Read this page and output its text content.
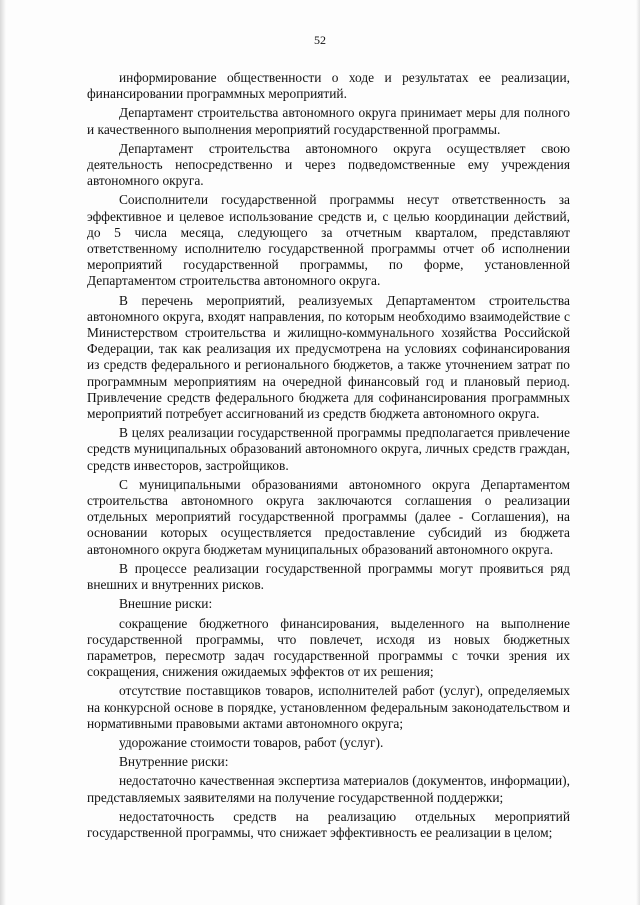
52

информирование общественности о ходе и результатах ее реализации, финансировании программных мероприятий.

Департамент строительства автономного округа принимает меры для полного и качественного выполнения мероприятий государственной программы.

Департамент строительства автономного округа осуществляет свою деятельность непосредственно и через подведомственные ему учреждения автономного округа.

Соисполнители государственной программы несут ответственность за эффективное и целевое использование средств и, с целью координации действий, до 5 числа месяца, следующего за отчетным кварталом, представляют ответственному исполнителю государственной программы отчет об исполнении мероприятий государственной программы, по форме, установленной Департаментом строительства автономного округа.

В перечень мероприятий, реализуемых Департаментом строительства автономного округа, входят направления, по которым необходимо взаимодействие с Министерством строительства и жилищно-коммунального хозяйства Российской Федерации, так как реализация их предусмотрена на условиях софинансирования из средств федерального и регионального бюджетов, а также уточнением затрат по программным мероприятиям на очередной финансовый год и плановый период. Привлечение средств федерального бюджета для софинансирования программных мероприятий потребует ассигнований из средств бюджета автономного округа.

В целях реализации государственной программы предполагается привлечение средств муниципальных образований автономного округа, личных средств граждан, средств инвесторов, застройщиков.

С муниципальными образованиями автономного округа Департаментом строительства автономного округа заключаются соглашения о реализации отдельных мероприятий государственной программы (далее - Соглашения), на основании которых осуществляется предоставление субсидий из бюджета автономного округа бюджетам муниципальных образований автономного округа.

В процессе реализации государственной программы могут проявиться ряд внешних и внутренних рисков.

Внешние риски:

сокращение бюджетного финансирования, выделенного на выполнение государственной программы, что повлечет, исходя из новых бюджетных параметров, пересмотр задач государственной программы с точки зрения их сокращения, снижения ожидаемых эффектов от их решения;

отсутствие поставщиков товаров, исполнителей работ (услуг), определяемых на конкурсной основе в порядке, установленном федеральным законодательством и нормативными правовыми актами автономного округа;

удорожание стоимости товаров, работ (услуг).

Внутренние риски:

недостаточно качественная экспертиза материалов (документов, информации), представляемых заявителями на получение государственной поддержки;

недостаточность средств на реализацию отдельных мероприятий государственной программы, что снижает эффективность ее реализации в целом;
